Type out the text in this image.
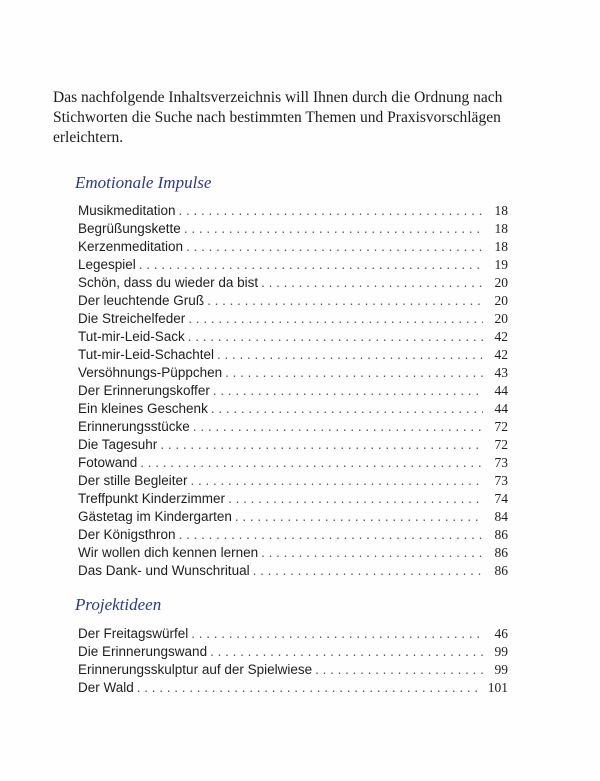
Das nachfolgende Inhaltsverzeichnis will Ihnen durch die Ordnung nach Stichworten die Suche nach bestimmten Themen und Praxisvorschlägen erleichtern.

Emotionale Impulse
Musikmeditation . . .	18
Begrüßungskette . . .	18
Kerzenmeditation . . .	18
Legespiel . . .	19
Schön, dass du wieder da bist . . .	20
Der leuchtende Gruß . . .	20
Die Streichelfeder . . .	20
Tut-mir-Leid-Sack . . .	42
Tut-mir-Leid-Schachtel . . .	42
Versöhnungs-Püppchen . . .	43
Der Erinnerungskoffer . . .	44
Ein kleines Geschenk . . .	44
Erinnerungsstücke . . .	72
Die Tagesuhr . . .	72
Fotowand . . .	73
Der stille Begleiter . . .	73
Treffpunkt Kinderzimmer . . .	74
Gästetag im Kindergarten . . .	84
Der Königsthron . . .	86
Wir wollen dich kennen lernen . . .	86
Das Dank- und Wunschritual . . .	86
Projektideen
Der Freitagswürfel . . .	46
Die Erinnerungswand . . .	99
Erinnerungsskulptur auf der Spielwiese . . .	99
Der Wald . . .	101
